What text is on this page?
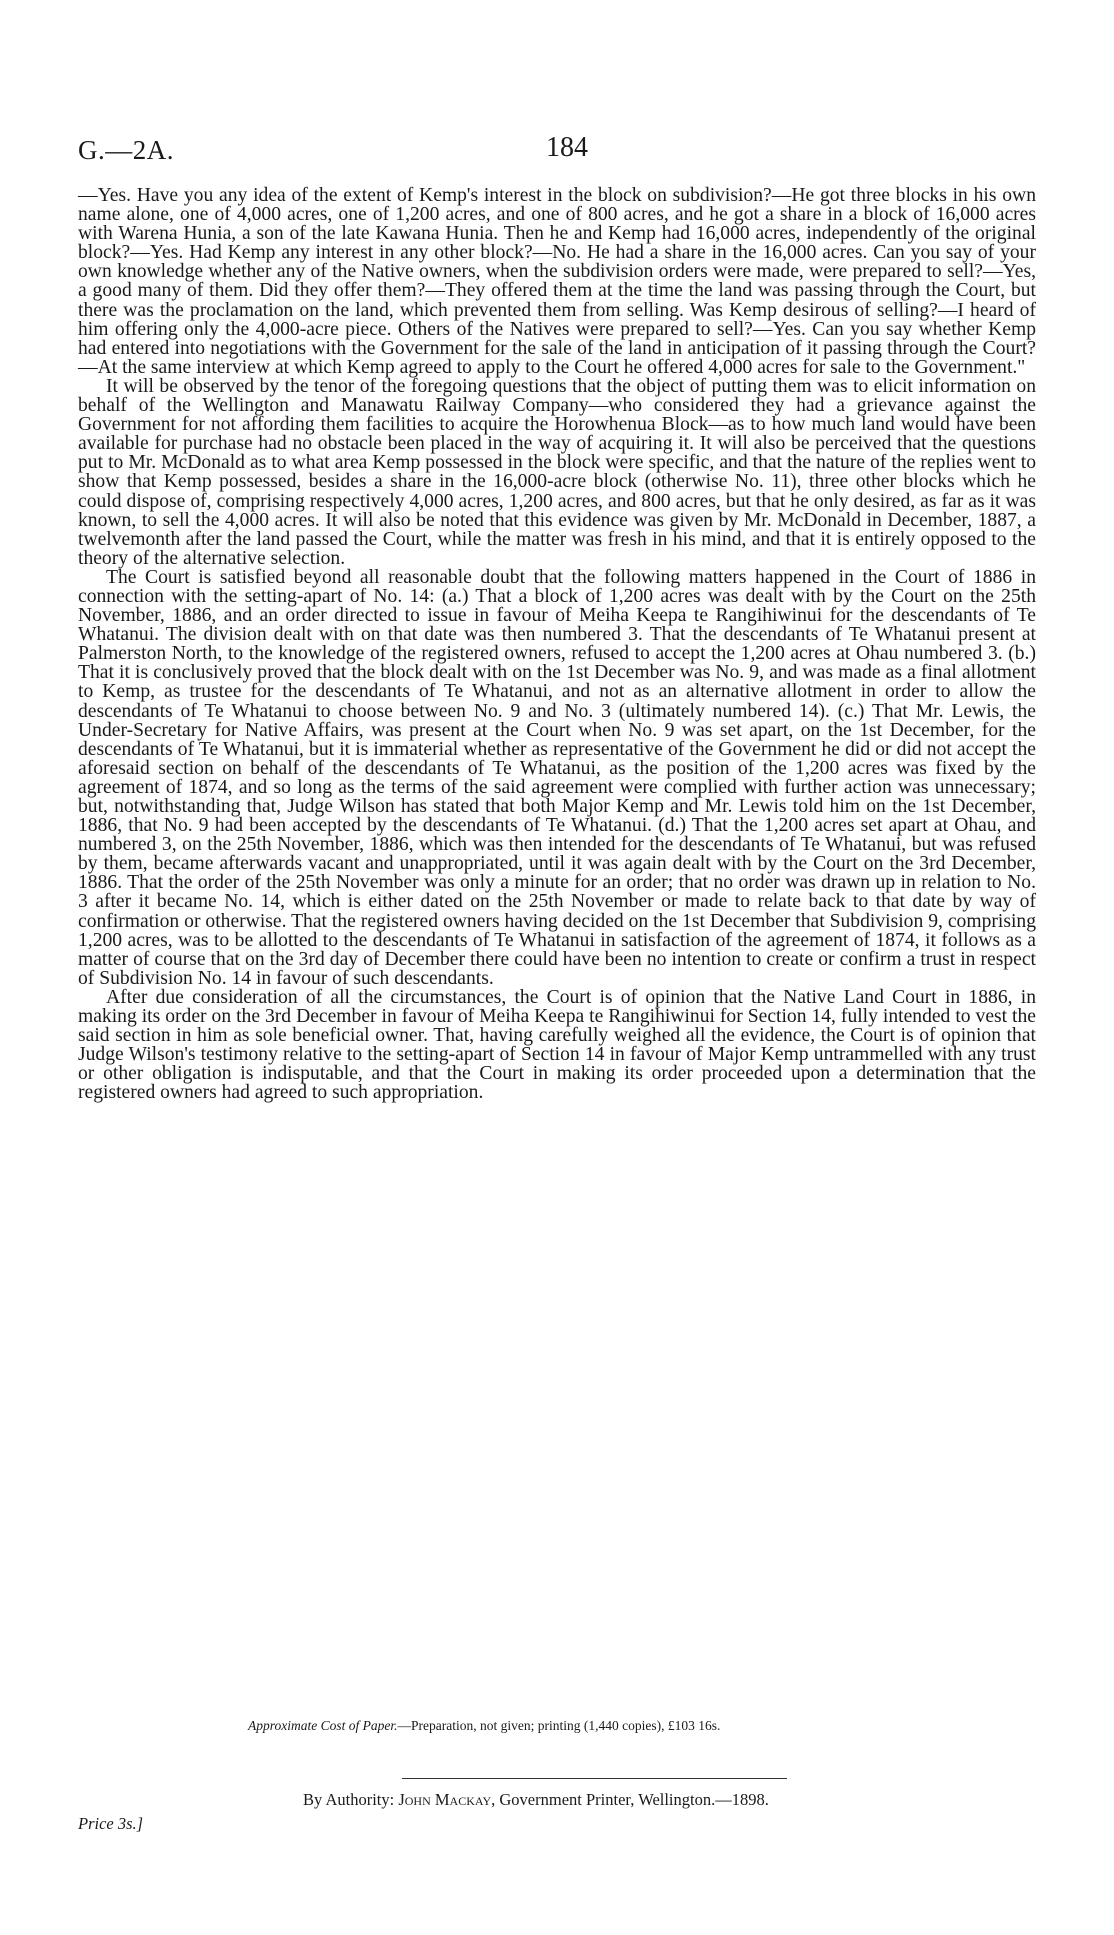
G.—2A.	184

—Yes. Have you any idea of the extent of Kemp's interest in the block on subdivision?—He got three blocks in his own name alone, one of 4,000 acres, one of 1,200 acres, and one of 800 acres, and he got a share in a block of 16,000 acres with Warena Hunia, a son of the late Kawana Hunia. Then he and Kemp had 16,000 acres, independently of the original block?—Yes. Had Kemp any interest in any other block?—No. He had a share in the 16,000 acres. Can you say of your own knowledge whether any of the Native owners, when the subdivision orders were made, were prepared to sell?—Yes, a good many of them. Did they offer them?—They offered them at the time the land was passing through the Court, but there was the proclamation on the land, which prevented them from selling. Was Kemp desirous of selling?—I heard of him offering only the 4,000-acre piece. Others of the Natives were prepared to sell?—Yes. Can you say whether Kemp had entered into negotiations with the Government for the sale of the land in anticipation of it passing through the Court?—At the same interview at which Kemp agreed to apply to the Court he offered 4,000 acres for sale to the Government."

It will be observed by the tenor of the foregoing questions that the object of putting them was to elicit information on behalf of the Wellington and Manawatu Railway Company—who considered they had a grievance against the Government for not affording them facilities to acquire the Horowhenua Block—as to how much land would have been available for purchase had no obstacle been placed in the way of acquiring it. It will also be perceived that the questions put to Mr. McDonald as to what area Kemp possessed in the block were specific, and that the nature of the replies went to show that Kemp possessed, besides a share in the 16,000-acre block (otherwise No. 11), three other blocks which he could dispose of, comprising respectively 4,000 acres, 1,200 acres, and 800 acres, but that he only desired, as far as it was known, to sell the 4,000 acres. It will also be noted that this evidence was given by Mr. McDonald in December, 1887, a twelvemonth after the land passed the Court, while the matter was fresh in his mind, and that it is entirely opposed to the theory of the alternative selection.

The Court is satisfied beyond all reasonable doubt that the following matters happened in the Court of 1886 in connection with the setting-apart of No. 14: (a.) That a block of 1,200 acres was dealt with by the Court on the 25th November, 1886, and an order directed to issue in favour of Meiha Keepa te Rangihiwinui for the descendants of Te Whatanui. The division dealt with on that date was then numbered 3. That the descendants of Te Whatanui present at Palmerston North, to the knowledge of the registered owners, refused to accept the 1,200 acres at Ohau numbered 3. (b.) That it is conclusively proved that the block dealt with on the 1st December was No. 9, and was made as a final allotment to Kemp, as trustee for the descendants of Te Whatanui, and not as an alternative allotment in order to allow the descendants of Te Whatanui to choose between No. 9 and No. 3 (ultimately numbered 14). (c.) That Mr. Lewis, the Under-Secretary for Native Affairs, was present at the Court when No. 9 was set apart, on the 1st December, for the descendants of Te Whatanui, but it is immaterial whether as representative of the Government he did or did not accept the aforesaid section on behalf of the descendants of Te Whatanui, as the position of the 1,200 acres was fixed by the agreement of 1874, and so long as the terms of the said agreement were complied with further action was unnecessary; but, notwithstanding that, Judge Wilson has stated that both Major Kemp and Mr. Lewis told him on the 1st December, 1886, that No. 9 had been accepted by the descendants of Te Whatanui. (d.) That the 1,200 acres set apart at Ohau, and numbered 3, on the 25th November, 1886, which was then intended for the descendants of Te Whatanui, but was refused by them, became afterwards vacant and unappropriated, until it was again dealt with by the Court on the 3rd December, 1886. That the order of the 25th November was only a minute for an order; that no order was drawn up in relation to No. 3 after it became No. 14, which is either dated on the 25th November or made to relate back to that date by way of confirmation or otherwise. That the registered owners having decided on the 1st December that Subdivision 9, comprising 1,200 acres, was to be allotted to the descendants of Te Whatanui in satisfaction of the agreement of 1874, it follows as a matter of course that on the 3rd day of December there could have been no intention to create or confirm a trust in respect of Subdivision No. 14 in favour of such descendants.

After due consideration of all the circumstances, the Court is of opinion that the Native Land Court in 1886, in making its order on the 3rd December in favour of Meiha Keepa te Rangihiwinui for Section 14, fully intended to vest the said section in him as sole beneficial owner. That, having carefully weighed all the evidence, the Court is of opinion that Judge Wilson's testimony relative to the setting-apart of Section 14 in favour of Major Kemp untrammelled with any trust or other obligation is indisputable, and that the Court in making its order proceeded upon a determination that the registered owners had agreed to such appropriation.

Approximate Cost of Paper.—Preparation, not given; printing (1,440 copies), £103 16s.
By Authority: John Mackay, Government Printer, Wellington.—1898.
Price 3s.]
